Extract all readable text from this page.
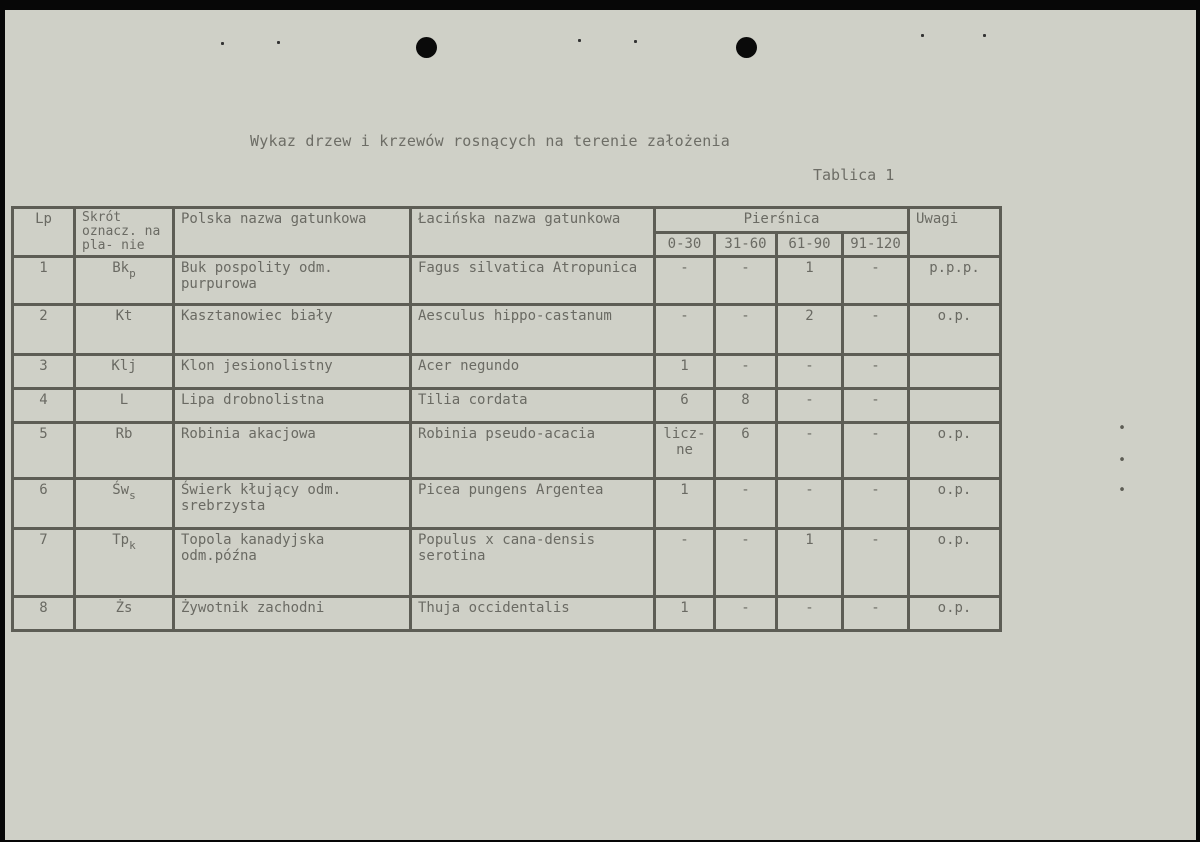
•
•
•
Wykaz drzew i krzewów rosnących na terenie założenia
Tablica 1
Lp	Skrót oznacz. na pla- nie	Polska nazwa gatunkowa	Łacińska nazwa gatunkowa	Pierśnica				Uwagi
				0-30	31-60	61-90	91-120	
1	$Bk_p$	Buk pospolity odm. purpurowa	Fagus silvatica Atropunica	-	-	1	-	p.p.p.
2	Kt	Kasztanowiec biały	Aesculus hippo-castanum	-	-	2	-	o.p.
3	Klj	Klon jesionolistny	Acer negundo	1	-	-	-	
4	L	Lipa drobnolistna	Tilia cordata	6	8	-	-	
5	Rb	Robinia akacjowa	Robinia pseudo-acacia	licz-ne	6	-	-	o.p.
6	$Św_s$	Świerk kłujący odm. srebrzysta	Picea pungens Argentea	1	-	-	-	o.p.
7	$Tp_k$	Topola kanadyjska odm.późna	Populus x cana-densis serotina	-	-	1	-	o.p.
8	Żs	Żywotnik zachodni	Thuja occidentalis	1	-	-	-	o.p.
